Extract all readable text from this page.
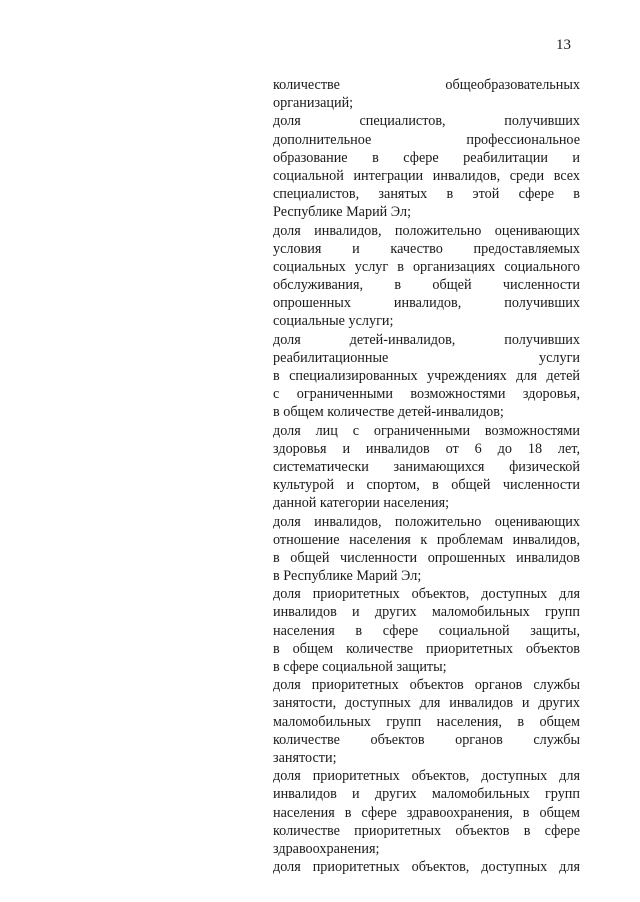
13
количестве общеобразовательных
организаций;
доля специалистов, получивших
дополнительное профессиональное
образование в сфере реабилитации и
социальной интеграции инвалидов, среди всех
специалистов, занятых в этой сфере в
Республике Марий Эл;
доля инвалидов, положительно оценивающих
условия и качество предоставляемых
социальных услуг в организациях социального
обслуживания, в общей численности
опрошенных инвалидов, получивших
социальные услуги;
доля детей-инвалидов, получивших
реабилитационные услуги
в специализированных учреждениях для детей
с ограниченными возможностями здоровья,
в общем количестве детей-инвалидов;
доля лиц с ограниченными возможностями
здоровья и инвалидов от 6 до 18 лет,
систематически занимающихся физической
культурой и спортом, в общей численности
данной категории населения;
доля инвалидов, положительно оценивающих
отношение населения к проблемам инвалидов,
в общей численности опрошенных инвалидов
в Республике Марий Эл;
доля приоритетных объектов, доступных для
инвалидов и других маломобильных групп
населения в сфере социальной защиты,
в общем количестве приоритетных объектов
в сфере социальной защиты;
доля приоритетных объектов органов службы
занятости, доступных для инвалидов и других
маломобильных групп населения, в общем
количестве объектов органов службы
занятости;
доля приоритетных объектов, доступных для
инвалидов и других маломобильных групп
населения в сфере здравоохранения, в общем
количестве приоритетных объектов в сфере
здравоохранения;
доля приоритетных объектов, доступных для
